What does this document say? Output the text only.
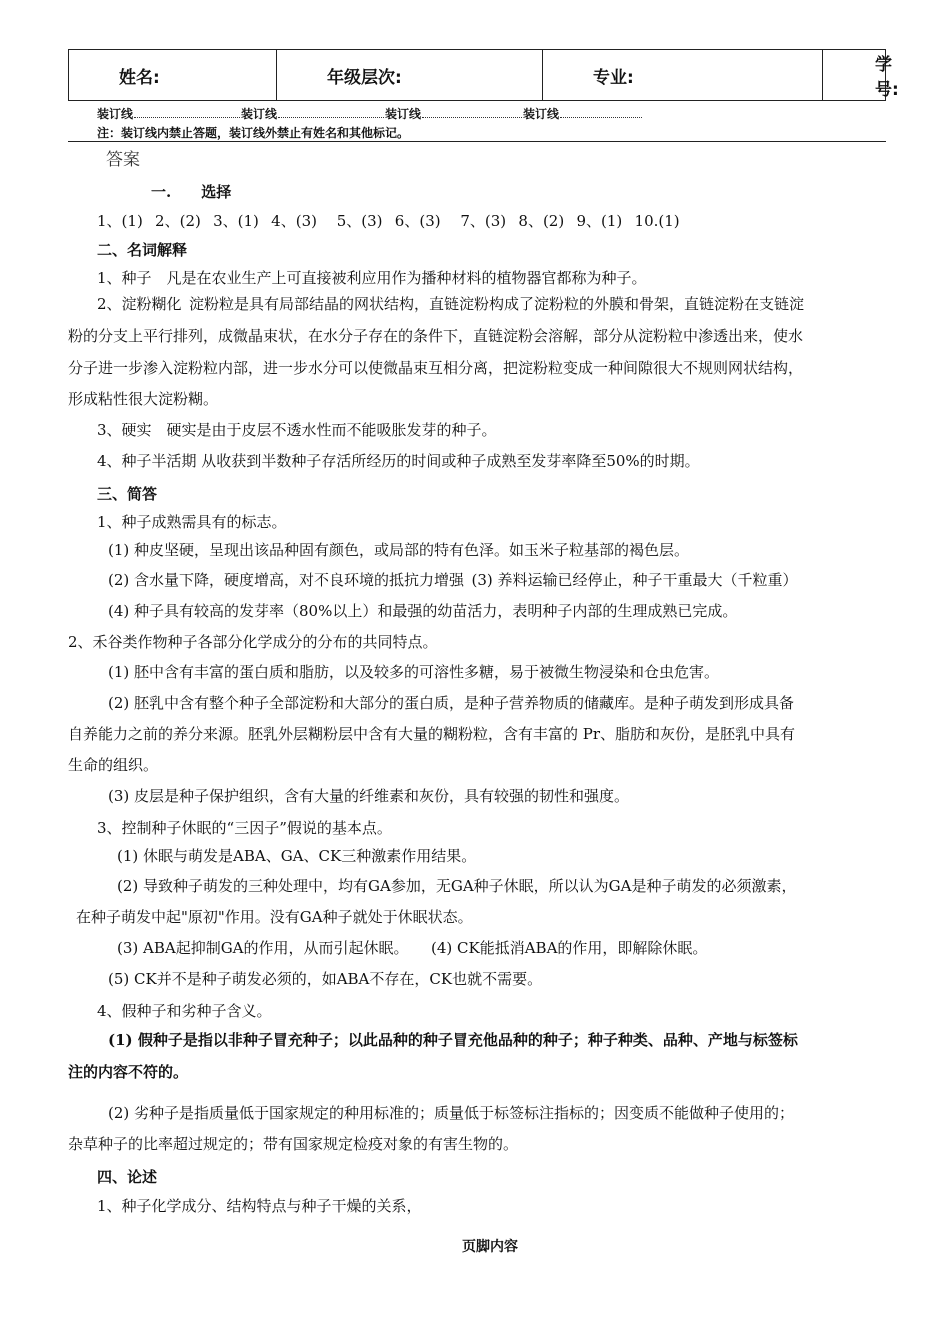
姓名:	年级层次:	专业:	学号:
装订线	装订线	装订线	装订线
注：装订线内禁止答题，装订线外禁止有姓名和其他标记。
答案
一.  选择
1、(1)  2、(2)  3、(1)  4、(3)  5、(3)  6、(3)  7、(3)  8、(2)  9、(1)  10.(1)
二、名词解释
1、种子 凡是在农业生产上可直接被利应用作为播种材料的植物器官都称为种子。
2、淀粉糊化 淀粉粒是具有局部结晶的网状结构，直链淀粉构成了淀粉粒的外膜和骨架，直链淀粉在支链淀
粉的分支上平行排列，成微晶束状，在水分子存在的条件下，直链淀粉会溶解，部分从淀粉粒中渗透出来，使水
分子进一步渗入淀粉粒内部，进一步水分可以使微晶束互相分离，把淀粉粒变成一种间隙很大不规则网状结构，
形成粘性很大淀粉糊。
3、硬实 硬实是由于皮层不透水性而不能吸胀发芽的种子。
4、种子半活期 从收获到半数种子存活所经历的时间或种子成熟至发芽率降至50%的时期。
三、简答
1、种子成熟需具有的标志。
(1) 种皮坚硬，呈现出该品种固有颜色，或局部的特有色泽。如玉米子粒基部的褐色层。
(2) 含水量下降，硬度增高，对不良环境的抵抗力增强 (3) 养料运输已经停止，种子干重最大（千粒重）
(4) 种子具有较高的发芽率（80%以上）和最强的幼苗活力，表明种子内部的生理成熟已完成。
2、禾谷类作物种子各部分化学成分的分布的共同特点。
(1) 胚中含有丰富的蛋白质和脂肪，以及较多的可溶性多糖，易于被微生物浸染和仓虫危害。
(2) 胚乳中含有整个种子全部淀粉和大部分的蛋白质，是种子营养物质的储藏库。是种子萌发到形成具备
自养能力之前的养分来源。胚乳外层糊粉层中含有大量的糊粉粒，含有丰富的 Pr、脂肪和灰份，是胚乳中具有
生命的组织。
(3) 皮层是种子保护组织，含有大量的纤维素和灰份，具有较强的韧性和强度。
3、控制种子休眠的“三因子”假说的基本点。
(1) 休眠与萌发是ABA、GA、CK三种激素作用结果。
(2) 导致种子萌发的三种处理中，均有GA参加，无GA种子休眠，所以认为GA是种子萌发的必须激素，
在种子萌发中起"原初"作用。没有GA种子就处于休眠状态。
(3) ABA起抑制GA的作用，从而引起休眠。  (4) CK能抵消ABA的作用，即解除休眠。
(5) CK并不是种子萌发必须的，如ABA不存在，CK也就不需要。
4、假种子和劣种子含义。
(1) 假种子是指以非种子冒充种子；以此品种的种子冒充他品种的种子；种子种类、品种、产地与标签标
注的内容不符的。
(2) 劣种子是指质量低于国家规定的种用标准的；质量低于标签标注指标的；因变质不能做种子使用的；
杂草种子的比率超过规定的；带有国家规定检疫对象的有害生物的。
四、论述
1、种子化学成分、结构特点与种子干燥的关系，
页脚内容
